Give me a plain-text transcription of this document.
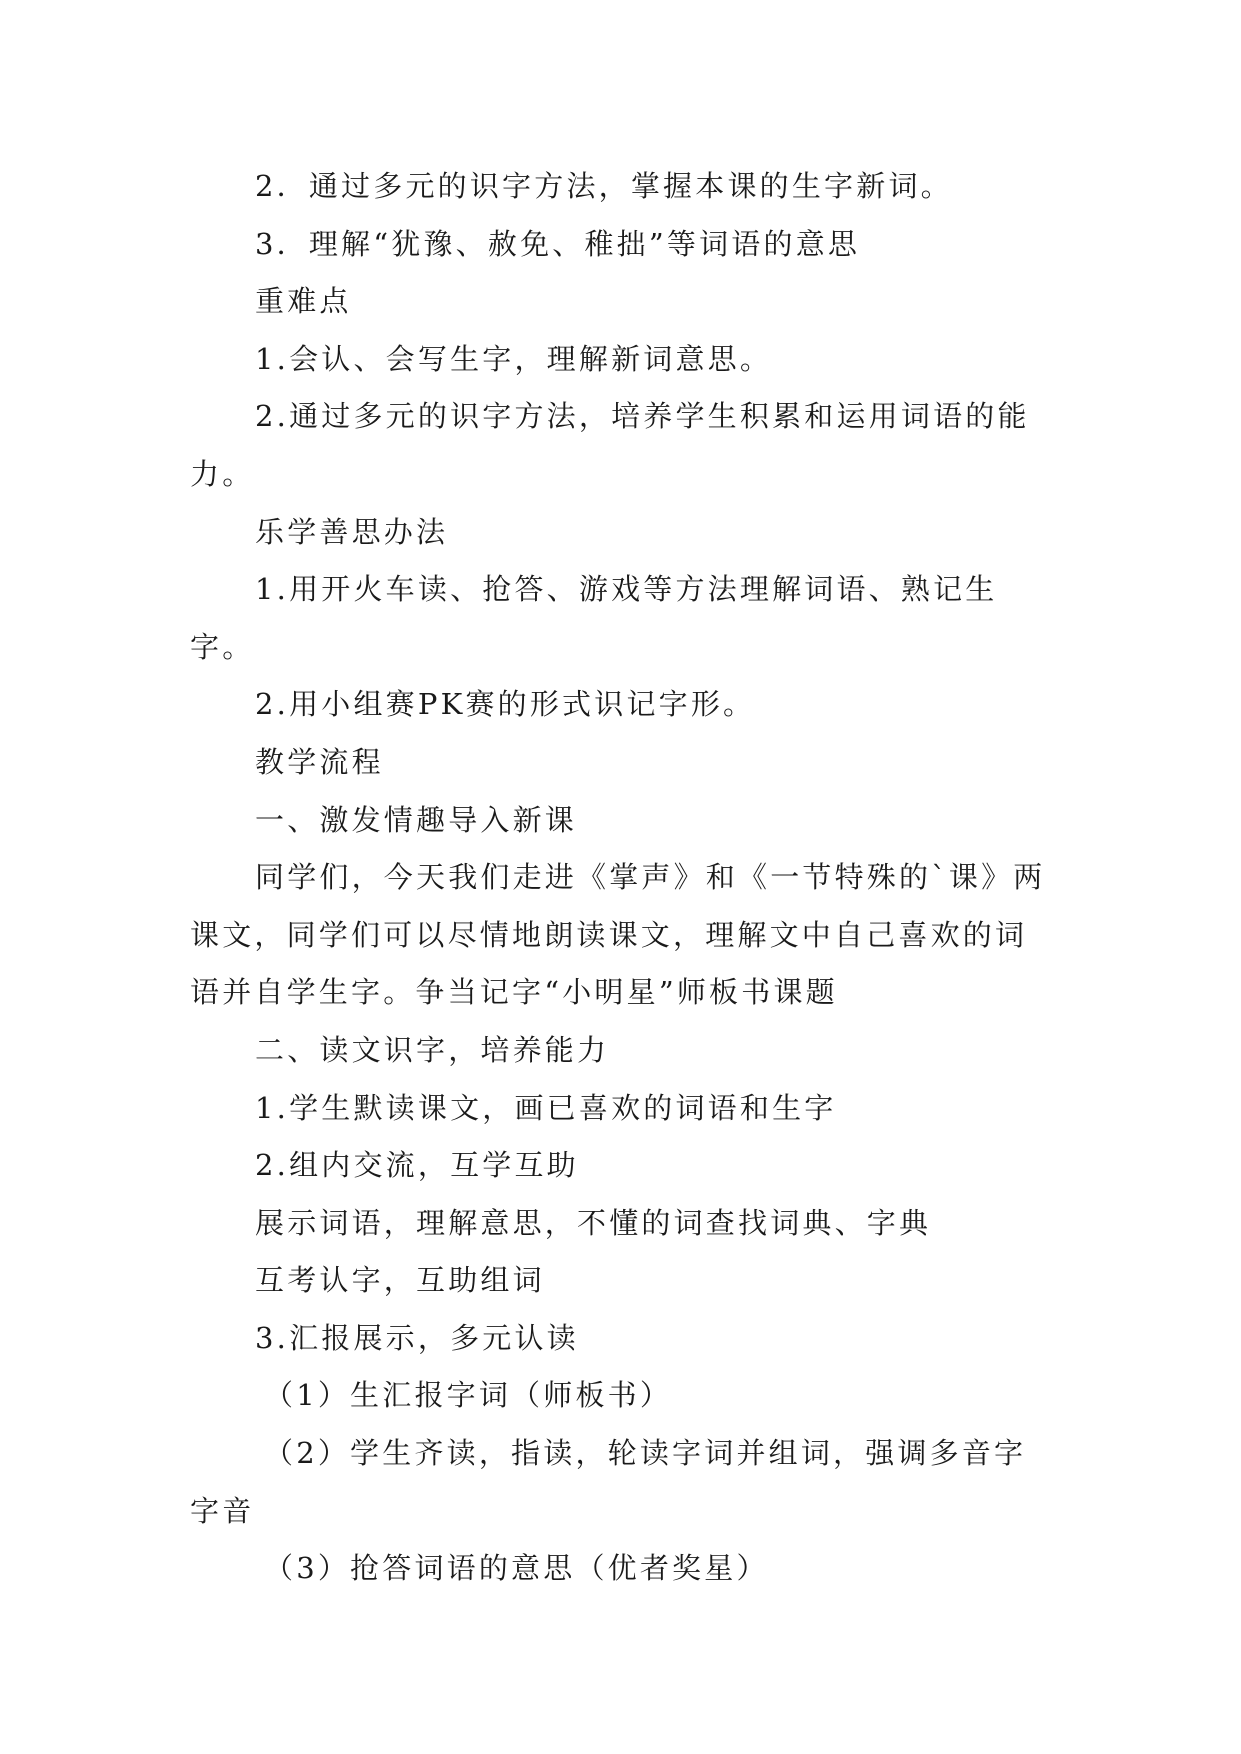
2．通过多元的识字方法，掌握本课的生字新词。

3．理解“犹豫、赦免、稚拙”等词语的意思

重难点

1.会认、会写生字，理解新词意思。

2.通过多元的识字方法，培养学生积累和运用词语的能力。

乐学善思办法

1.用开火车读、抢答、游戏等方法理解词语、熟记生字。

2.用小组赛PK赛的形式识记字形。

教学流程

一、激发情趣导入新课

同学们，今天我们走进《掌声》和《一节特殊的`课》两课文，同学们可以尽情地朗读课文，理解文中自己喜欢的词语并自学生字。争当记字“小明星”师板书课题

二、读文识字，培养能力

1.学生默读课文，画已喜欢的词语和生字

2.组内交流，互学互助

展示词语，理解意思，不懂的词查找词典、字典

互考认字，互助组词

3.汇报展示，多元认读

（1）生汇报字词（师板书）

（2）学生齐读，指读，轮读字词并组词，强调多音字字音

（3）抢答词语的意思（优者奖星）
